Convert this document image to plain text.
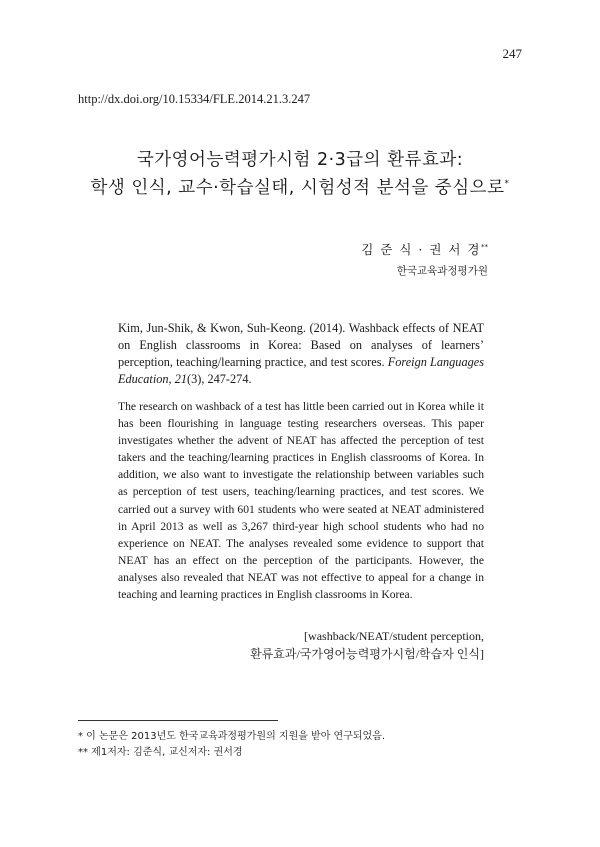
247
http://dx.doi.org/10.15334/FLE.2014.21.3.247
국가영어능력평가시험 2·3급의 환류효과:
학생 인식, 교수·학습실태, 시험성적 분석을 중심으로*
김 준 식 · 권 서 경**
한국교육과정평가원
Kim, Jun-Shik, & Kwon, Suh-Keong. (2014). Washback effects of NEAT on English classrooms in Korea: Based on analyses of learners’ perception, teaching/learning practice, and test scores. Foreign Languages Education, 21(3), 247-274.

The research on washback of a test has little been carried out in Korea while it has been flourishing in language testing researchers overseas. This paper investigates whether the advent of NEAT has affected the perception of test takers and the teaching/learning practices in English classrooms of Korea. In addition, we also want to investigate the relationship between variables such as perception of test users, teaching/learning practices, and test scores. We carried out a survey with 601 students who were seated at NEAT administered in April 2013 as well as 3,267 third-year high school students who had no experience on NEAT. The analyses revealed some evidence to support that NEAT has an effect on the perception of the participants. However, the analyses also revealed that NEAT was not effective to appeal for a change in teaching and learning practices in English classrooms in Korea.

[washback/NEAT/student perception,
환류효과/국가영어능력평가시험/학습자 인식]
* 이 논문은 2013년도 한국교육과정평가원의 지원을 받아 연구되었음.
** 제1저자: 김준식, 교신저자: 권서경
